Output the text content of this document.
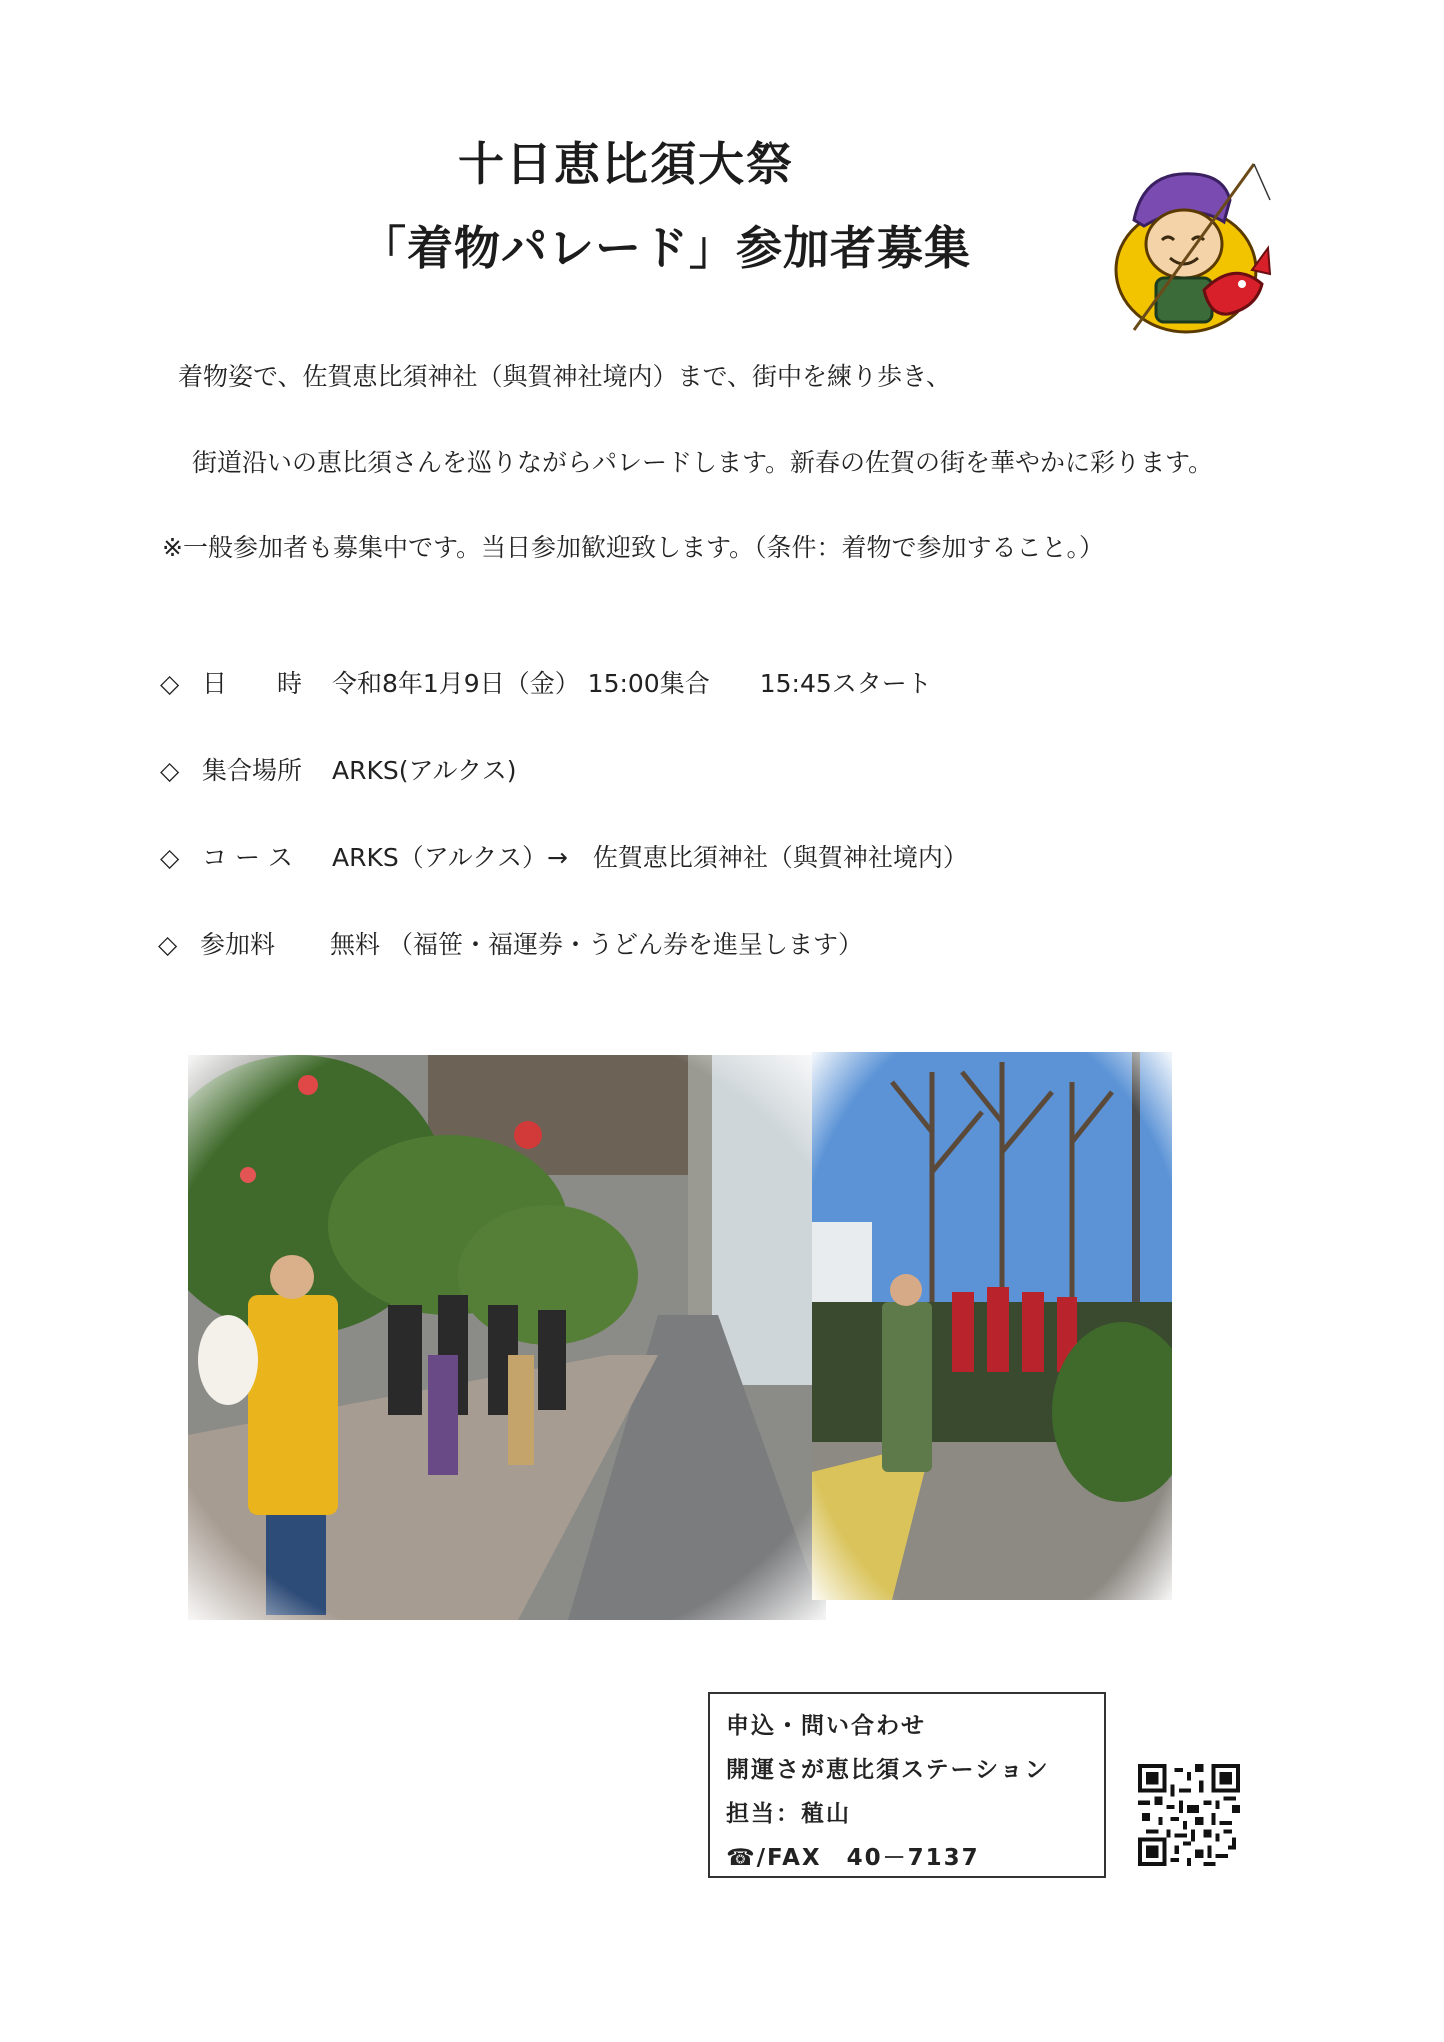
十日恵比須大祭
「着物パレード」参加者募集
着物姿で、佐賀恵比須神社（與賀神社境内）まで、街中を練り歩き、
街道沿いの恵比須さんを巡りながらパレードします。新春の佐賀の街を華やかに彩ります。
※一般参加者も募集中です。当日参加歓迎致します。（条件：着物で参加すること。）
◇ 日　　時 令和8年1月9日（金） 15:00集合　　15:45スタート
◇ 集合場所 ARKS(アルクス)
◇ コ ー ス ARKS（アルクス）→　佐賀恵比須神社（與賀神社境内）
◇ 参加料 無料 （福笹・福運券・うどん券を進呈します）
申込・問い合わせ
開運さが恵比須ステーション
担当：稙山
☎/FAX　40－7137
